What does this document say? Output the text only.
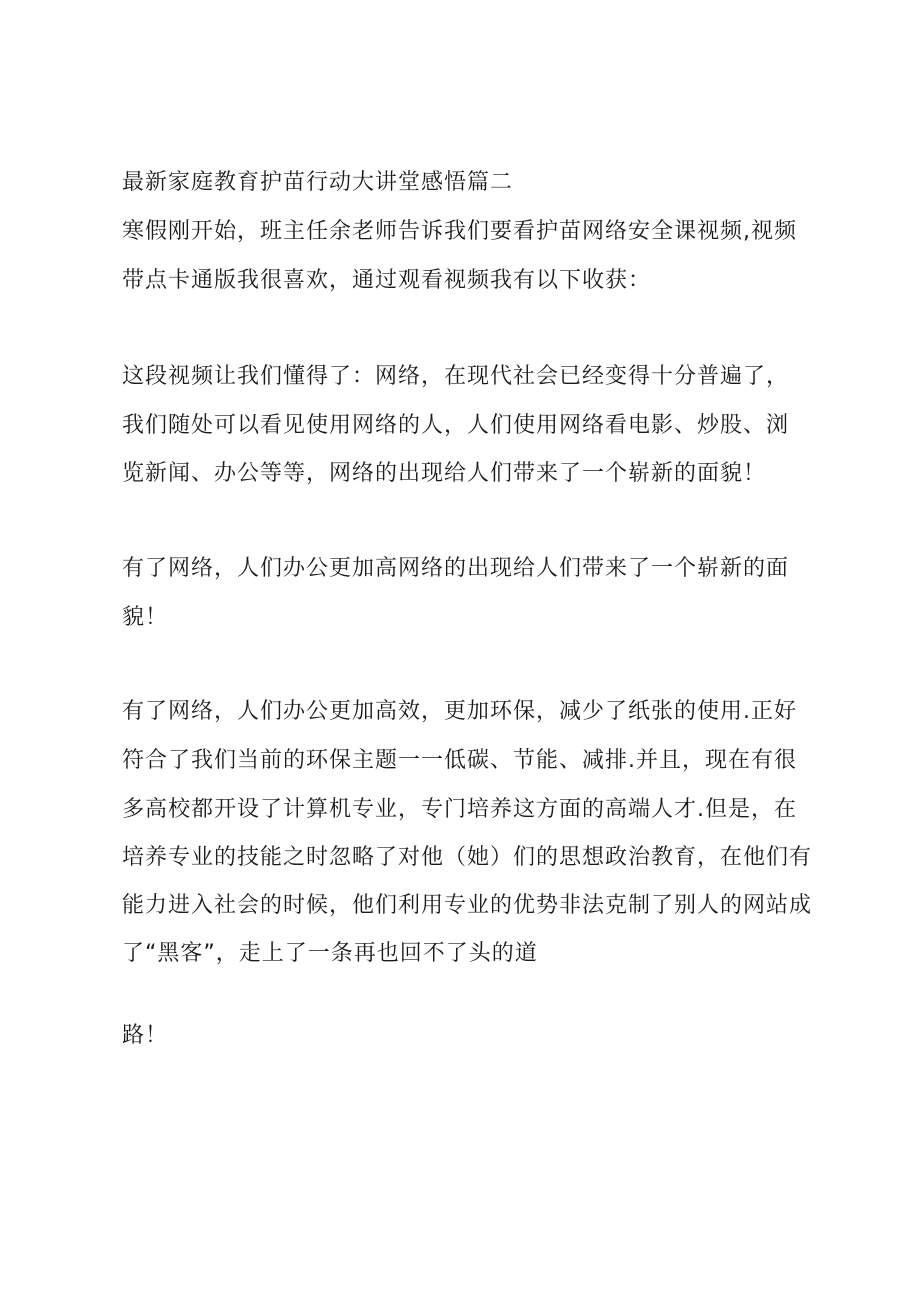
最新家庭教育护苗行动大讲堂感悟篇二
寒假刚开始，班主任余老师告诉我们要看护苗网络安全课视频,视频
带点卡通版我很喜欢，通过观看视频我有以下收获：
这段视频让我们懂得了：网络，在现代社会已经变得十分普遍了，
我们随处可以看见使用网络的人，人们使用网络看电影、炒股、浏
览新闻、办公等等，网络的出现给人们带来了一个崭新的面貌！
有了网络，人们办公更加高网络的出现给人们带来了一个崭新的面
貌！
有了网络，人们办公更加高效，更加环保，减少了纸张的使用.正好
符合了我们当前的环保主题一一低碳、节能、减排.并且，现在有很
多高校都开设了计算机专业，专门培养这方面的高端人才.但是，在
培养专业的技能之时忽略了对他（她）们的思想政治教育，在他们有
能力进入社会的时候，他们利用专业的优势非法克制了别人的网站成
了“黑客”，走上了一条再也回不了头的道
路！
